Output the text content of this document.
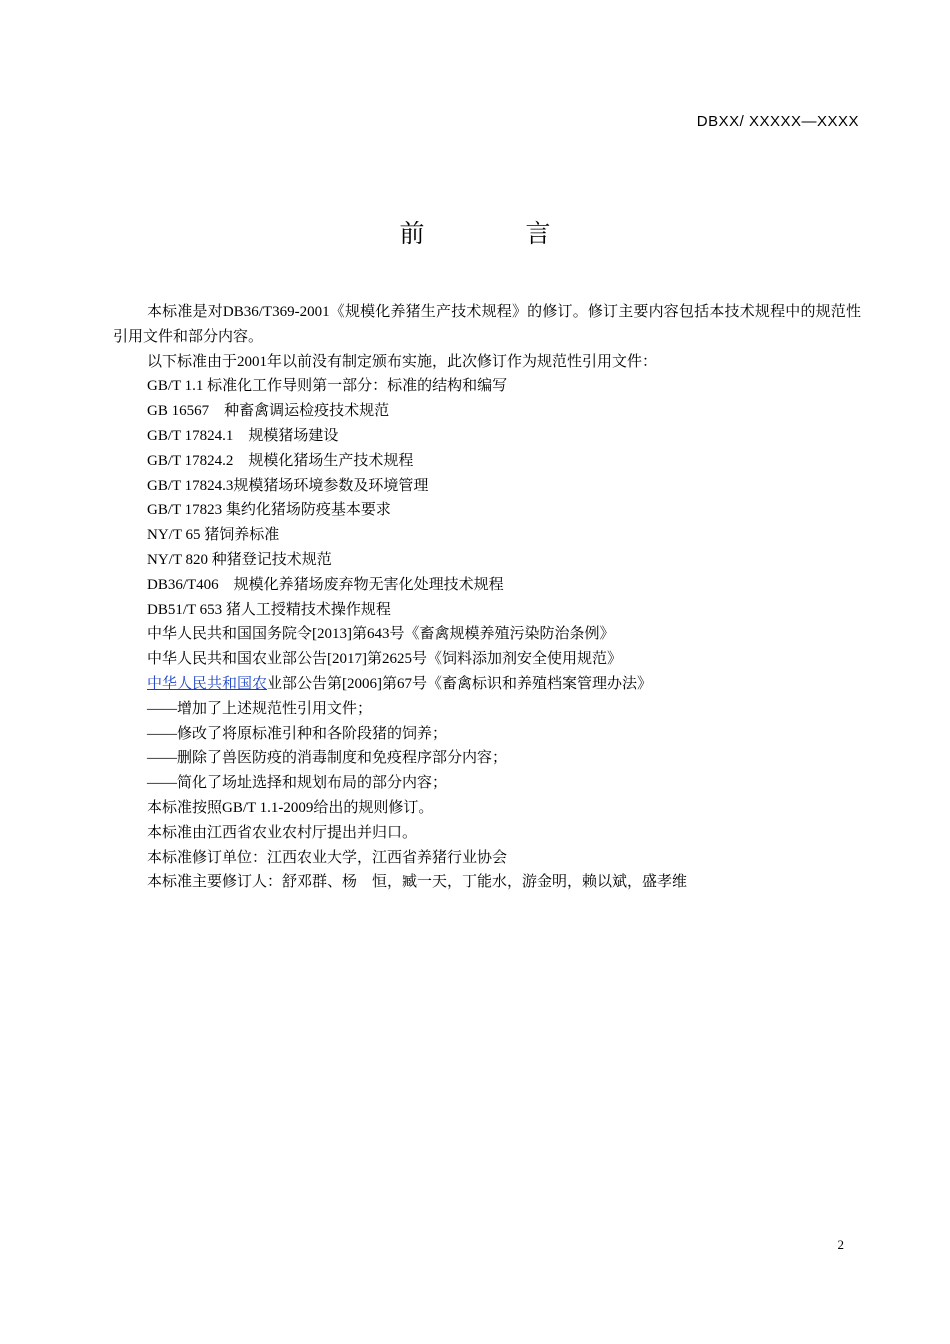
DBXX/ XXXXX—XXXX
前　言

本标准是对DB36/T369-2001《规模化养猪生产技术规程》的修订。修订主要内容包括本技术规程中的规范性引用文件和部分内容。

以下标准由于2001年以前没有制定颁布实施，此次修订作为规范性引用文件：

GB/T 1.1 标准化工作导则第一部分：标准的结构和编写

GB 16567　种畜禽调运检疫技术规范

GB/T 17824.1　规模猪场建设

GB/T 17824.2　规模化猪场生产技术规程

GB/T 17824.3规模猪场环境参数及环境管理

GB/T 17823 集约化猪场防疫基本要求

NY/T 65 猪饲养标准

NY/T 820 种猪登记技术规范

DB36/T406　规模化养猪场废弃物无害化处理技术规程

DB51/T 653 猪人工授精技术操作规程

中华人民共和国国务院令[2013]第643号《畜禽规模养殖污染防治条例》

中华人民共和国农业部公告[2017]第2625号《饲料添加剂安全使用规范》

中华人民共和国农业部公告第[2006]第67号《畜禽标识和养殖档案管理办法》

——增加了上述规范性引用文件；

——修改了将原标准引种和各阶段猪的饲养；

——删除了兽医防疫的消毒制度和免疫程序部分内容；

——简化了场址选择和规划布局的部分内容；

本标准按照GB/T 1.1-2009给出的规则修订。

本标准由江西省农业农村厅提出并归口。

本标准修订单位：江西农业大学，江西省养猪行业协会

本标准主要修订人：舒邓群、杨　恒，臧一天，丁能水，游金明，赖以斌，盛孝维

2
